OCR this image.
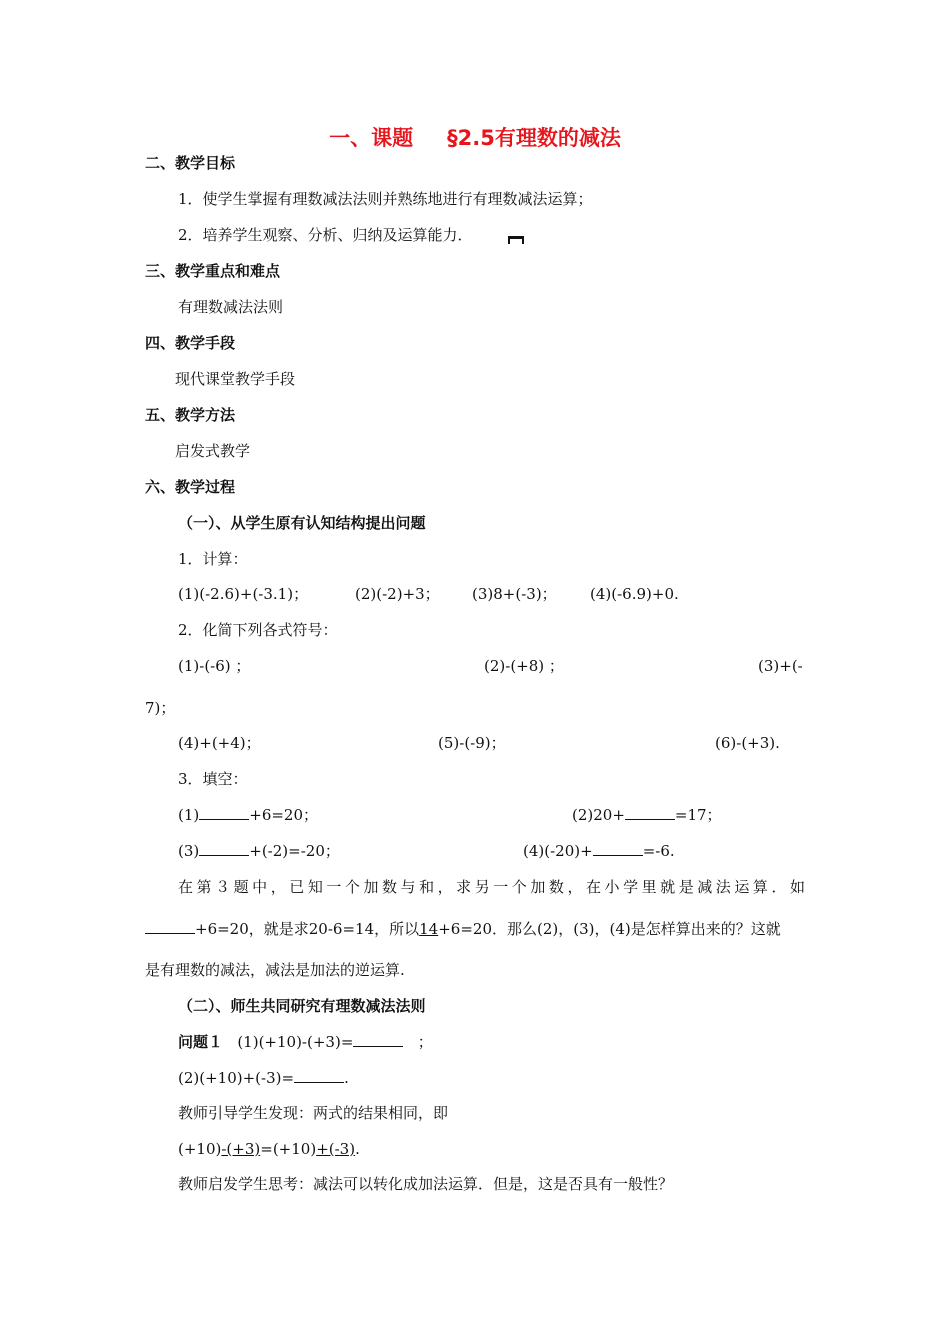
一、课题 §2.5有理数的减法
二、教学目标
1．使学生掌握有理数减法法则并熟练地进行有理数减法运算；
2．培养学生观察、分析、归纳及运算能力．
三、教学重点和难点
有理数减法法则
四、教学手段
现代课堂教学手段
五、教学方法
启发式教学
六、教学过程
（一）、从学生原有认知结构提出问题
1．计算：
(1)(-2.6)+(-3.1)；	(2)(-2)+3； (3)8+(-3)； (4)(-6.9)+0.
2．化简下列各式符号：
(1)-(-6) ；	(2)-(+8) ；	(3)+(-
7)；
(4)+(+4)；	(5)-(-9)；	(6)-(+3).
3．填空：
(1)	+6=20；	(2)20+	=17；
(3)	+(-2)=-20；	(4)(-20)+	=-6.
在第３题中，已知一个加数与和，求另一个加数，在小学里就是减法运算．如
+6=20，就是求20-6=14，所以14+6=20．那么(2)，(3)，(4)是怎样算出来的？这就
是有理数的减法，减法是加法的逆运算.
（二）、师生共同研究有理数减法法则
问题１ (1)(+10)-(+3)=	；
(2)(+10)+(-3)=	.
教师引导学生发现：两式的结果相同，即
(+10)-(+3)=(+10)+(-3).
教师启发学生思考：减法可以转化成加法运算．但是，这是否具有一般性？
